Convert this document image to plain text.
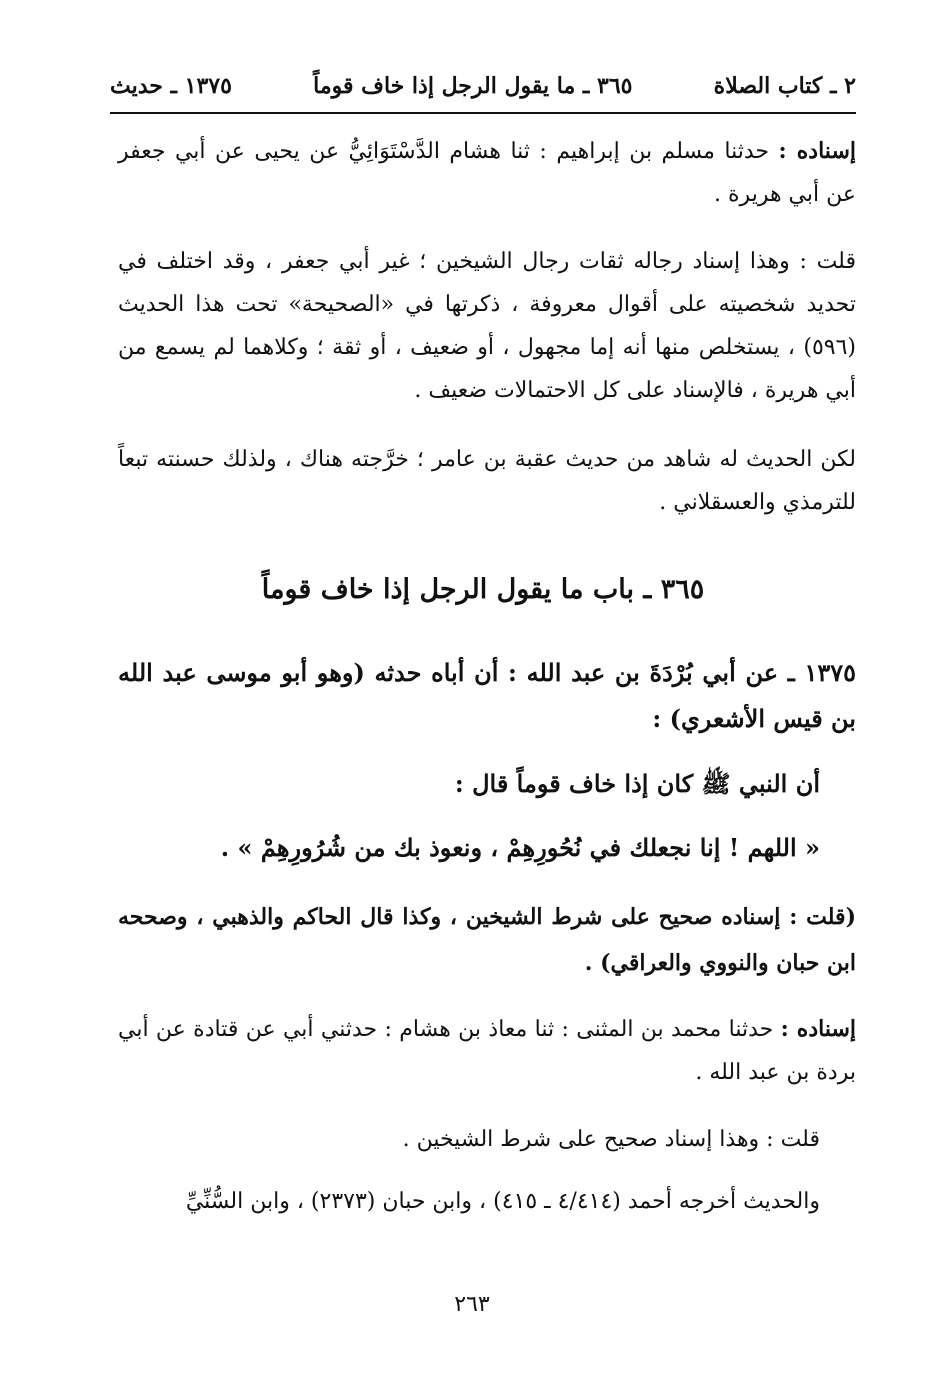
٢ ـ كتاب الصلاة
٣٦٥ ـ ما يقول الرجل إذا خاف قوماً
١٣٧٥ ـ حديث
إسناده : حدثنا مسلم بن إبراهيم : ثنا هشام الدَّسْتَوَائِيُّ عن يحيى عن أبي جعفر عن أبي هريرة .
قلت : وهذا إسناد رجاله ثقات رجال الشيخين ؛ غير أبي جعفر ، وقد اختلف في تحديد شخصيته على أقوال معروفة ، ذكرتها في «الصحيحة» تحت هذا الحديث (٥٩٦) ، يستخلص منها أنه إما مجهول ، أو ضعيف ، أو ثقة ؛ وكلاهما لم يسمع من أبي هريرة ، فالإسناد على كل الاحتمالات ضعيف .
لكن الحديث له شاهد من حديث عقبة بن عامر ؛ خرَّجته هناك ، ولذلك حسنته تبعاً للترمذي والعسقلاني .
٣٦٥ ـ باب ما يقول الرجل إذا خاف قوماً
١٣٧٥ ـ عن أبي بُرْدَةَ بن عبد الله : أن أباه حدثه (وهو أبو موسى عبد الله بن قيس الأشعري) :
أن النبي ﷺ كان إذا خاف قوماً قال :
« اللهم ! إنا نجعلك في نُحُورِهِمْ ، ونعوذ بك من شُرُورِهِمْ » .
(قلت : إسناده صحيح على شرط الشيخين ، وكذا قال الحاكم والذهبي ، وصححه ابن حبان والنووي والعراقي) .
إسناده : حدثنا محمد بن المثنى : ثنا معاذ بن هشام : حدثني أبي عن قتادة عن أبي بردة بن عبد الله .
قلت : وهذا إسناد صحيح على شرط الشيخين .
والحديث أخرجه أحمد (٤/٤١٤ ـ ٤١٥) ، وابن حبان (٢٣٧٣) ، وابن السُّنِّيِّ
٢٦٣
